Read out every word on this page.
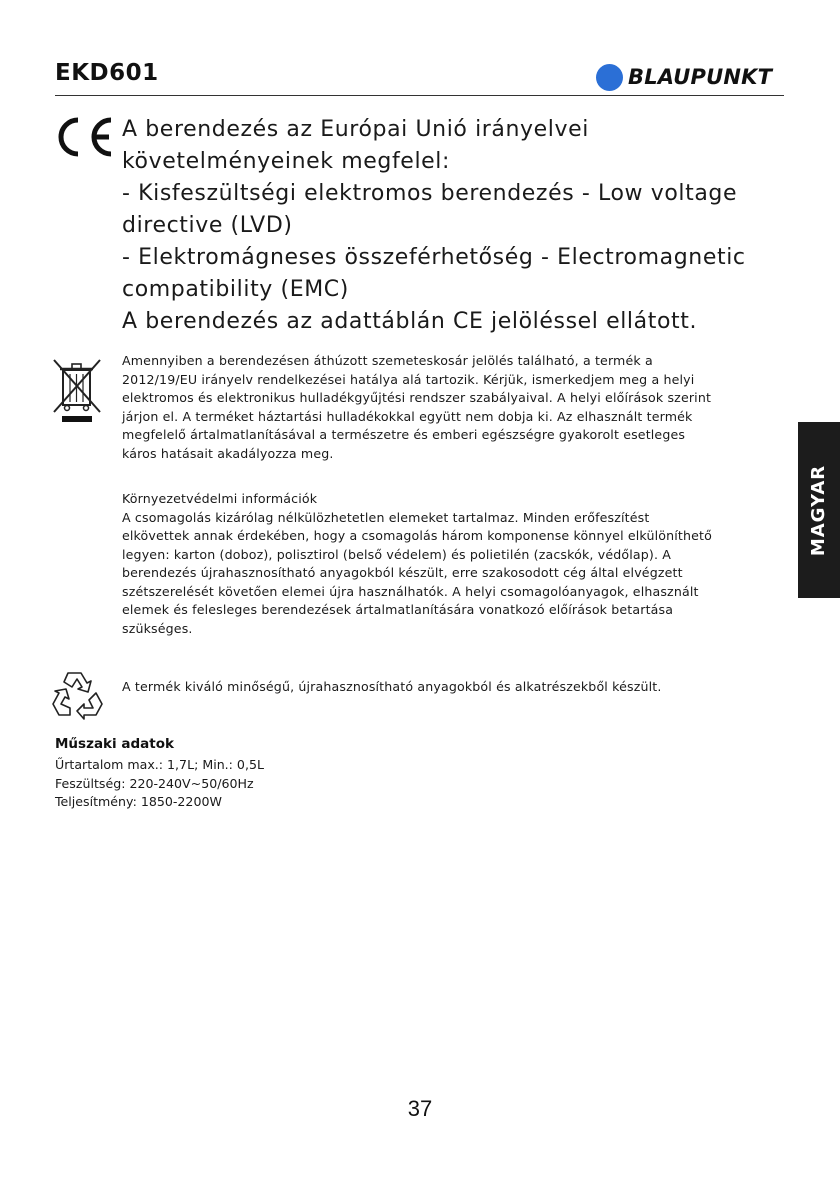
EKD601	BLAUPUNKT
A berendezés az Európai Unió irányelvei
követelményeinek megfelel:
- Kisfeszültségi elektromos berendezés - Low voltage
directive (LVD)
- Elektromágneses összeférhetőség - Electromagnetic
compatibility (EMC)
A berendezés az adattáblán CE jelöléssel ellátott.
Amennyiben a berendezésen áthúzott szemeteskosár jelölés található, a termék a
2012/19/EU irányelv rendelkezései hatálya alá tartozik. Kérjük, ismerkedjem meg a helyi
elektromos és elektronikus hulladékgyűjtési rendszer szabályaival. A helyi előírások szerint
járjon el. A terméket háztartási hulladékokkal együtt nem dobja ki. Az elhasznált termék
megfelelő ártalmatlanításával a természetre és emberi egészségre gyakorolt esetleges
káros hatásait akadályozza meg.
Környezetvédelmi információk
A csomagolás kizárólag nélkülözhetetlen elemeket tartalmaz. Minden erőfeszítést
elkövettek annak érdekében, hogy a csomagolás három komponense könnyel elkülöníthető
legyen: karton (doboz), polisztirol (belső védelem) és polietilén (zacskók, védőlap). A
berendezés újrahasznosítható anyagokból készült, erre szakosodott cég által elvégzett
szétszerelését követően elemei újra használhatók. A helyi csomagolóanyagok, elhasznált
elemek és felesleges berendezések ártalmatlanítására vonatkozó előírások betartása
szükséges.
A termék kiváló minőségű, újrahasznosítható anyagokból és alkatrészekből készült.
Műszaki adatok
Űrtartalom max.: 1,7L; Min.: 0,5L
Feszültség: 220-240V~50/60Hz
Teljesítmény: 1850-2200W
MAGYAR
37
